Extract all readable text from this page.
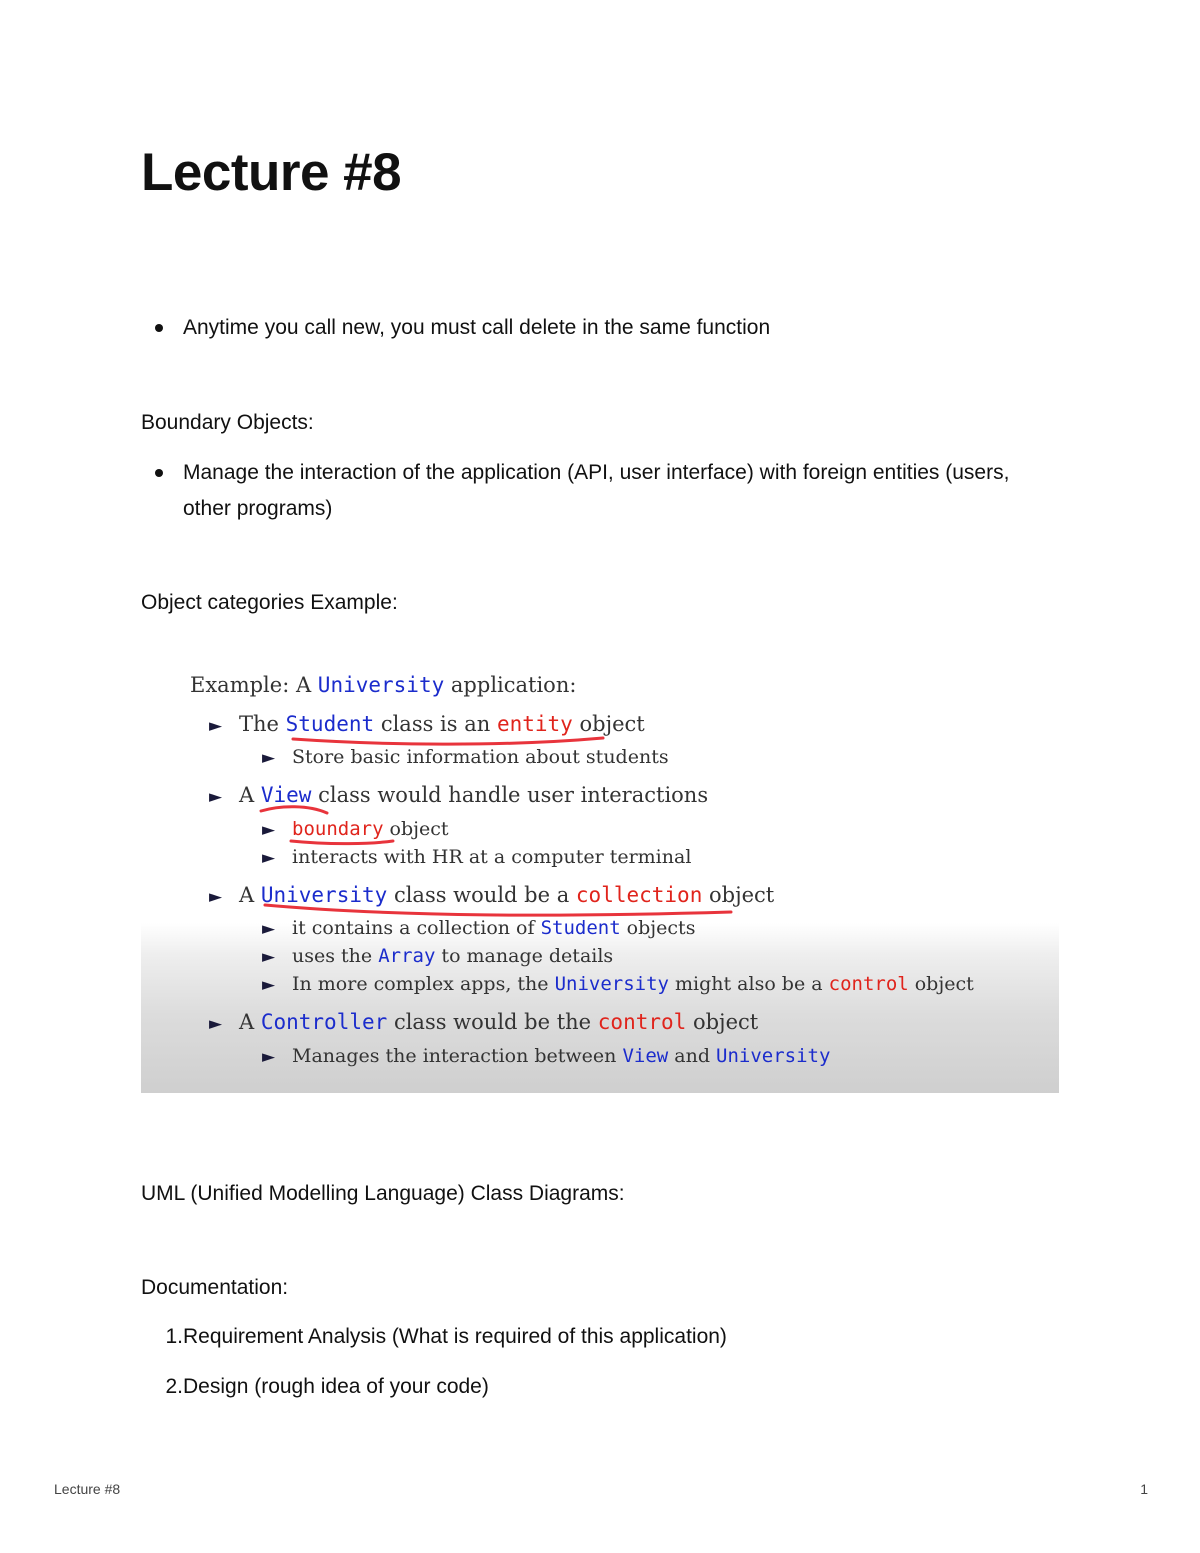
Lecture #8
Anytime you call new, you must call delete in the same function
Boundary Objects:
Manage the interaction of the application (API, user interface) with foreign entities (users, other programs)
Object categories Example:
Example: A University application:
► The Student class is an entity object
► Store basic information about students
► A View class would handle user interactions
► boundary object
► interacts with HR at a computer terminal
► A University class would be a collection object
► it contains a collection of Student objects
► uses the Array to manage details
► In more complex apps, the University might also be a control object
► A Controller class would be the control object
► Manages the interaction between View and University
UML (Unified Modelling Language) Class Diagrams:
Documentation:
1. Requirement Analysis (What is required of this application)
2. Design (rough idea of your code)
Lecture #8	1
